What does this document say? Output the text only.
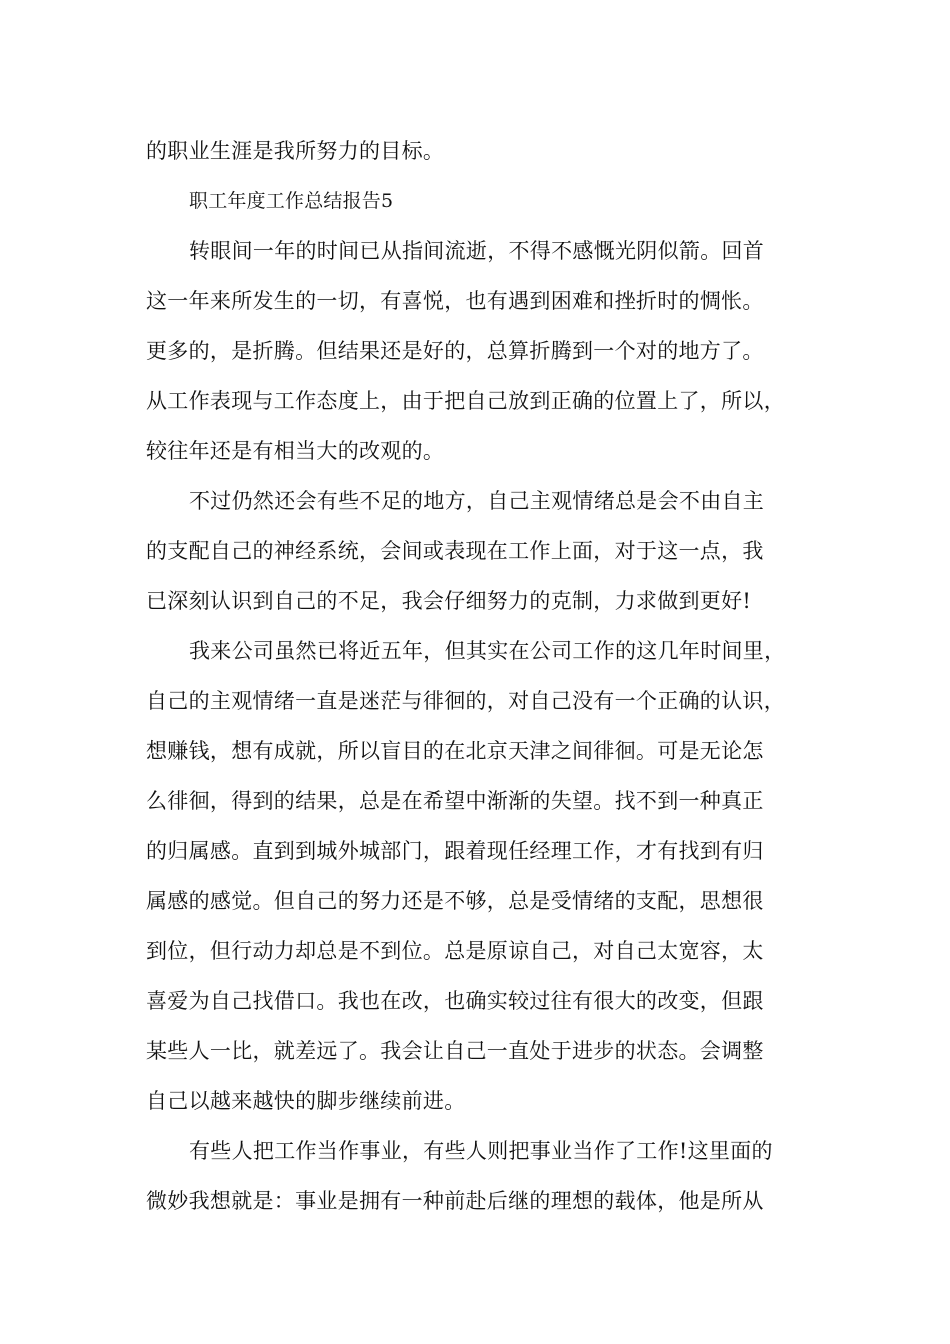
的职业生涯是我所努力的目标。
职工年度工作总结报告5
转眼间一年的时间已从指间流逝，不得不感慨光阴似箭。回首
这一年来所发生的一切，有喜悦，也有遇到困难和挫折时的惆怅。
更多的，是折腾。但结果还是好的，总算折腾到一个对的地方了。
从工作表现与工作态度上，由于把自己放到正确的位置上了，所以，
较往年还是有相当大的改观的。
不过仍然还会有些不足的地方，自己主观情绪总是会不由自主
的支配自己的神经系统，会间或表现在工作上面，对于这一点，我
已深刻认识到自己的不足，我会仔细努力的克制，力求做到更好!
我来公司虽然已将近五年，但其实在公司工作的这几年时间里，
自己的主观情绪一直是迷茫与徘徊的，对自己没有一个正确的认识，
想赚钱，想有成就，所以盲目的在北京天津之间徘徊。可是无论怎
么徘徊，得到的结果，总是在希望中渐渐的失望。找不到一种真正
的归属感。直到到城外城部门，跟着现任经理工作，才有找到有归
属感的感觉。但自己的努力还是不够，总是受情绪的支配，思想很
到位，但行动力却总是不到位。总是原谅自己，对自己太宽容，太
喜爱为自己找借口。我也在改，也确实较过往有很大的改变，但跟
某些人一比，就差远了。我会让自己一直处于进步的状态。会调整
自己以越来越快的脚步继续前进。
有些人把工作当作事业，有些人则把事业当作了工作!这里面的
微妙我想就是：事业是拥有一种前赴后继的理想的载体，他是所从
